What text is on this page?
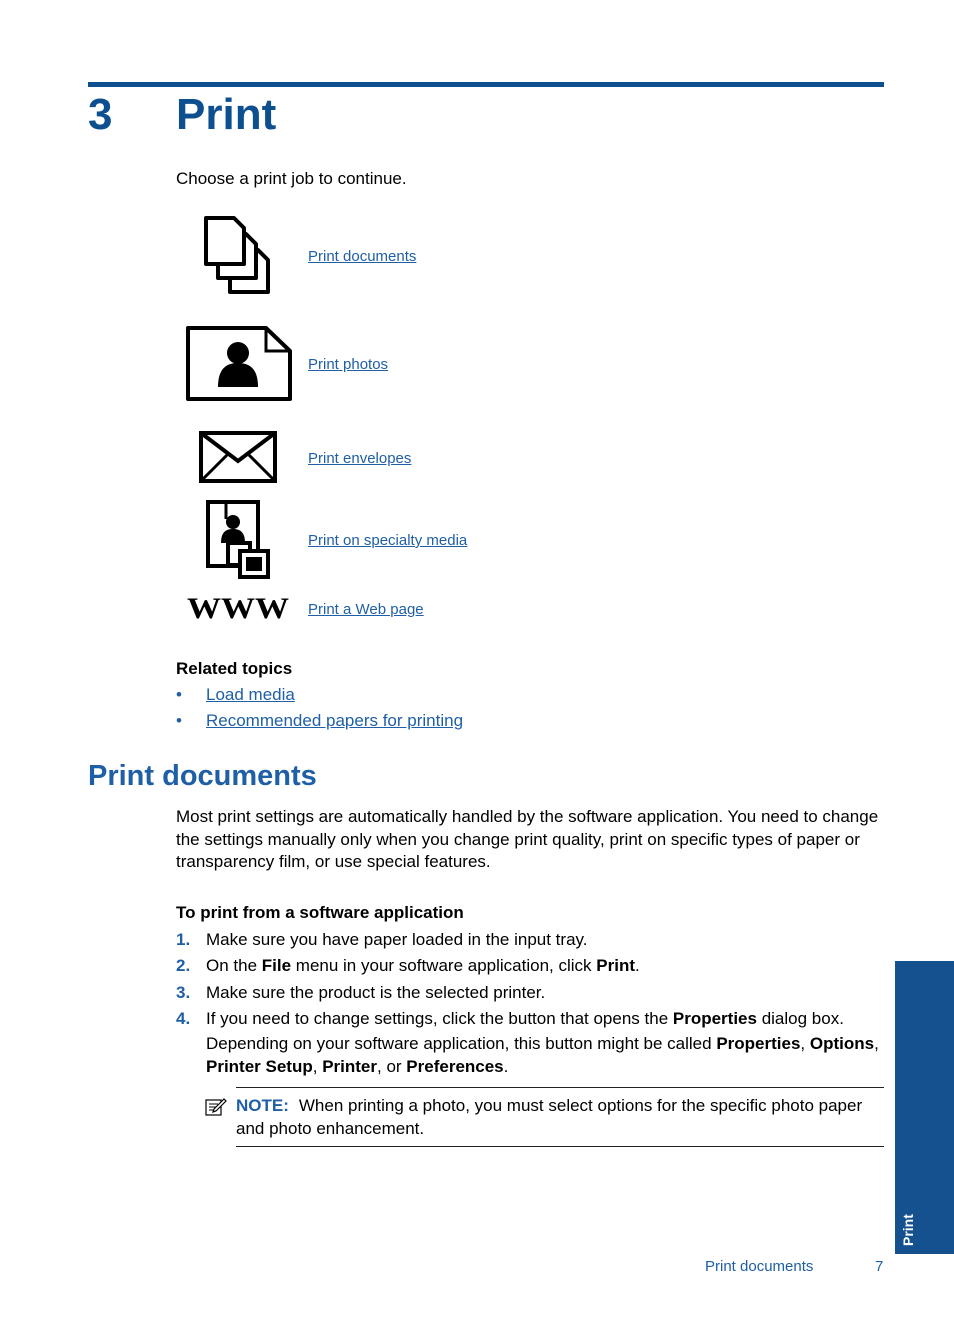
3 Print
Choose a print job to continue.
Print documents
Print photos
Print envelopes
Print on specialty media
WWW Print a Web page
Related topics
• Load media
• Recommended papers for printing
Print documents
Most print settings are automatically handled by the software application. You need to change the settings manually only when you change print quality, print on specific types of paper or transparency film, or use special features.
To print from a software application
1. Make sure you have paper loaded in the input tray.
2. On the File menu in your software application, click Print.
3. Make sure the product is the selected printer.
4. If you need to change settings, click the button that opens the Properties dialog box.
Depending on your software application, this button might be called Properties, Options, Printer Setup, Printer, or Preferences.
NOTE: When printing a photo, you must select options for the specific photo paper and photo enhancement.
Print
Print documents	7
